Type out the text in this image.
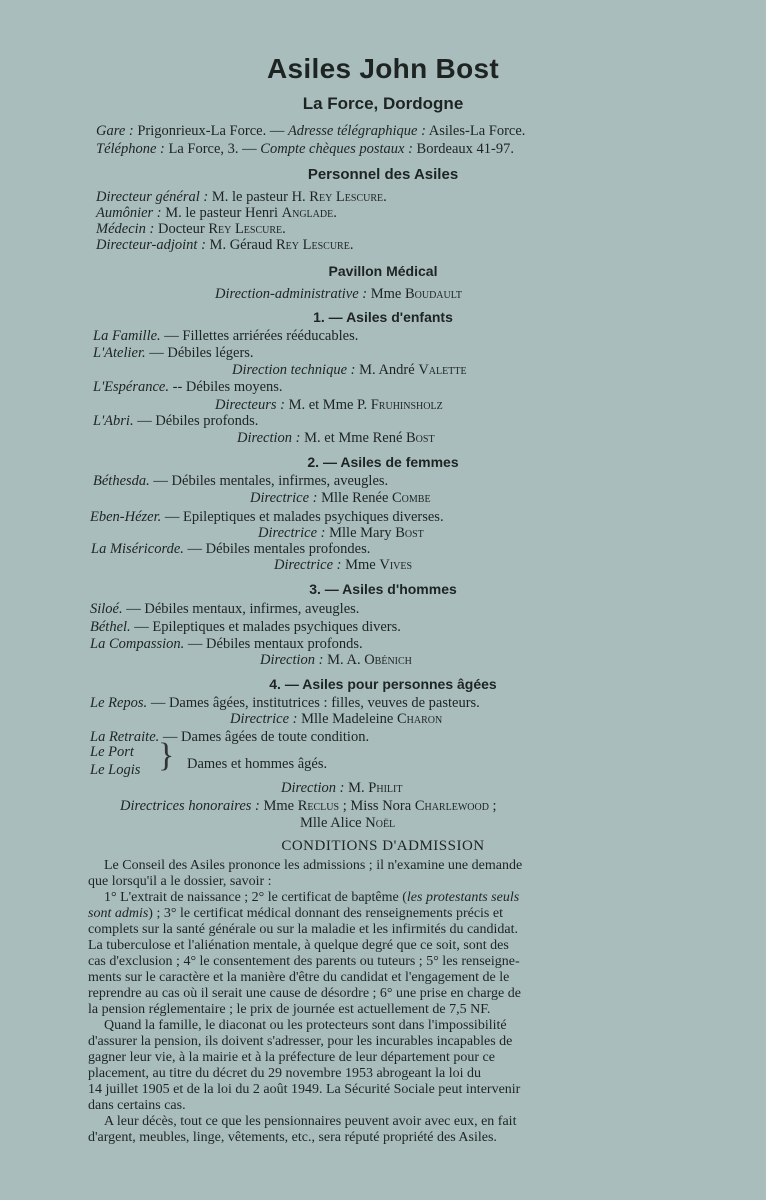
Asiles John Bost
La Force, Dordogne
Gare : Prigonrieux-La Force. — Adresse télégraphique : Asiles-La Force.
Téléphone : La Force, 3. — Compte chèques postaux : Bordeaux 41-97.
Personnel des Asiles
Directeur général : M. le pasteur H. Rey Lescure.
Aumônier : M. le pasteur Henri Anglade.
Médecin : Docteur Rey Lescure.
Directeur-adjoint : M. Géraud Rey Lescure.
Pavillon Médical
Direction-administrative : Mme Boudault
1. — Asiles d'enfants
La Famille. — Fillettes arriérées rééducables.
L'Atelier. — Débiles légers.
Direction technique : M. André Valette
L'Espérance. -- Débiles moyens.
Directeurs : M. et Mme P. Fruhinsholz
L'Abri. — Débiles profonds.
Direction : M. et Mme René Bost
2. — Asiles de femmes
Béthesda. — Débiles mentales, infirmes, aveugles.
Directrice : Mlle Renée Combe
Eben-Hézer. — Epileptiques et malades psychiques diverses.
Directrice : Mlle Mary Bost
La Miséricorde. — Débiles mentales profondes.
Directrice : Mme Vives
3. — Asiles d'hommes
Siloé. — Débiles mentaux, infirmes, aveugles.
Béthel. — Epileptiques et malades psychiques divers.
La Compassion. — Débiles mentaux profonds.
Direction : M. A. Obénich
4. — Asiles pour personnes âgées
Le Repos. — Dames âgées, institutrices : filles, veuves de pasteurs.
Directrice : Mlle Madeleine Charon
La Retraite. — Dames âgées de toute condition.
Le Port
Le Logis } Dames et hommes âgés.
Direction : M. Philit
Directrices honoraires : Mme Reclus ; Miss Nora Charlewood ;
Mlle Alice Noël
CONDITIONS D'ADMISSION
Le Conseil des Asiles prononce les admissions ; il n'examine une demande
que lorsqu'il a le dossier, savoir :
1° L'extrait de naissance ; 2° le certificat de baptême (les protestants seuls
sont admis) ; 3° le certificat médical donnant des renseignements précis et
complets sur la santé générale ou sur la maladie et les infirmités du candidat.
La tuberculose et l'aliénation mentale, à quelque degré que ce soit, sont des
cas d'exclusion ; 4° le consentement des parents ou tuteurs ; 5° les renseigne-
ments sur le caractère et la manière d'être du candidat et l'engagement de le
reprendre au cas où il serait une cause de désordre ; 6° une prise en charge de
la pension réglementaire ; le prix de journée est actuellement de 7,5 NF.
Quand la famille, le diaconat ou les protecteurs sont dans l'impossibilité
d'assurer la pension, ils doivent s'adresser, pour les incurables incapables de
gagner leur vie, à la mairie et à la préfecture de leur département pour ce
placement, au titre du décret du 29 novembre 1953 abrogeant la loi du
14 juillet 1905 et de la loi du 2 août 1949. La Sécurité Sociale peut intervenir
dans certains cas.
A leur décès, tout ce que les pensionnaires peuvent avoir avec eux, en fait
d'argent, meubles, linge, vêtements, etc., sera réputé propriété des Asiles.
